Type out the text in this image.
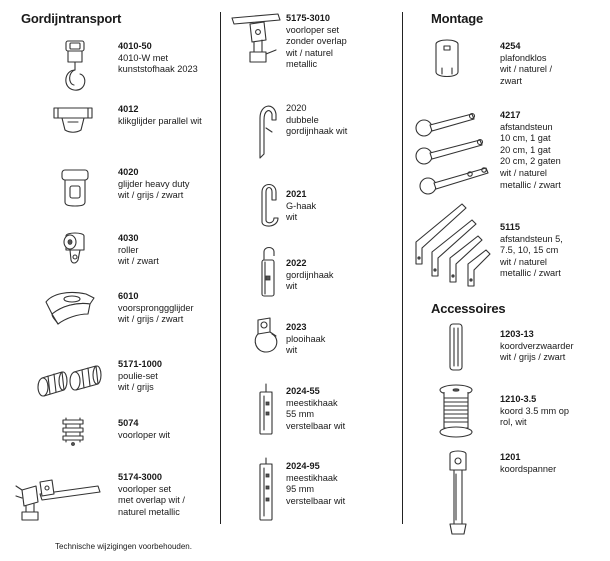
Gordijntransport	Montage
Accessoires
4010-50
4010-W met
kunststofhaak 2023
4012
klikglijder parallel wit
4020
glijder heavy duty
wit / grijs / zwart
4030
roller
wit / zwart
6010
voorspronggglijder
wit / grijs / zwart
5171-1000
poulie-set
wit / grijs
5074
voorloper wit
5174-3000
voorloper set
met overlap wit /
naturel metallic
5175-3010
voorloper set
zonder overlap
wit / naturel
metallic
2020
dubbele
gordijnhaak wit
2021
G-haak
wit
2022
gordijnhaak
wit
2023
plooihaak
wit
2024-55
meestikhaak
55 mm
verstelbaar wit
2024-95
meestikhaak
95 mm
verstelbaar wit
4254
plafondklos
wit / naturel /
zwart
4217
afstandsteun
10 cm, 1 gat
20 cm, 1 gat
20 cm, 2 gaten
wit / naturel
metallic / zwart
5115
afstandsteun 5,
7.5, 10, 15 cm
wit / naturel
metallic / zwart
1203-13
koordverzwaarder
wit / grijs / zwart
1210-3.5
koord 3.5 mm op
rol, wit
1201
koordspanner
Technische wijzigingen voorbehouden.
